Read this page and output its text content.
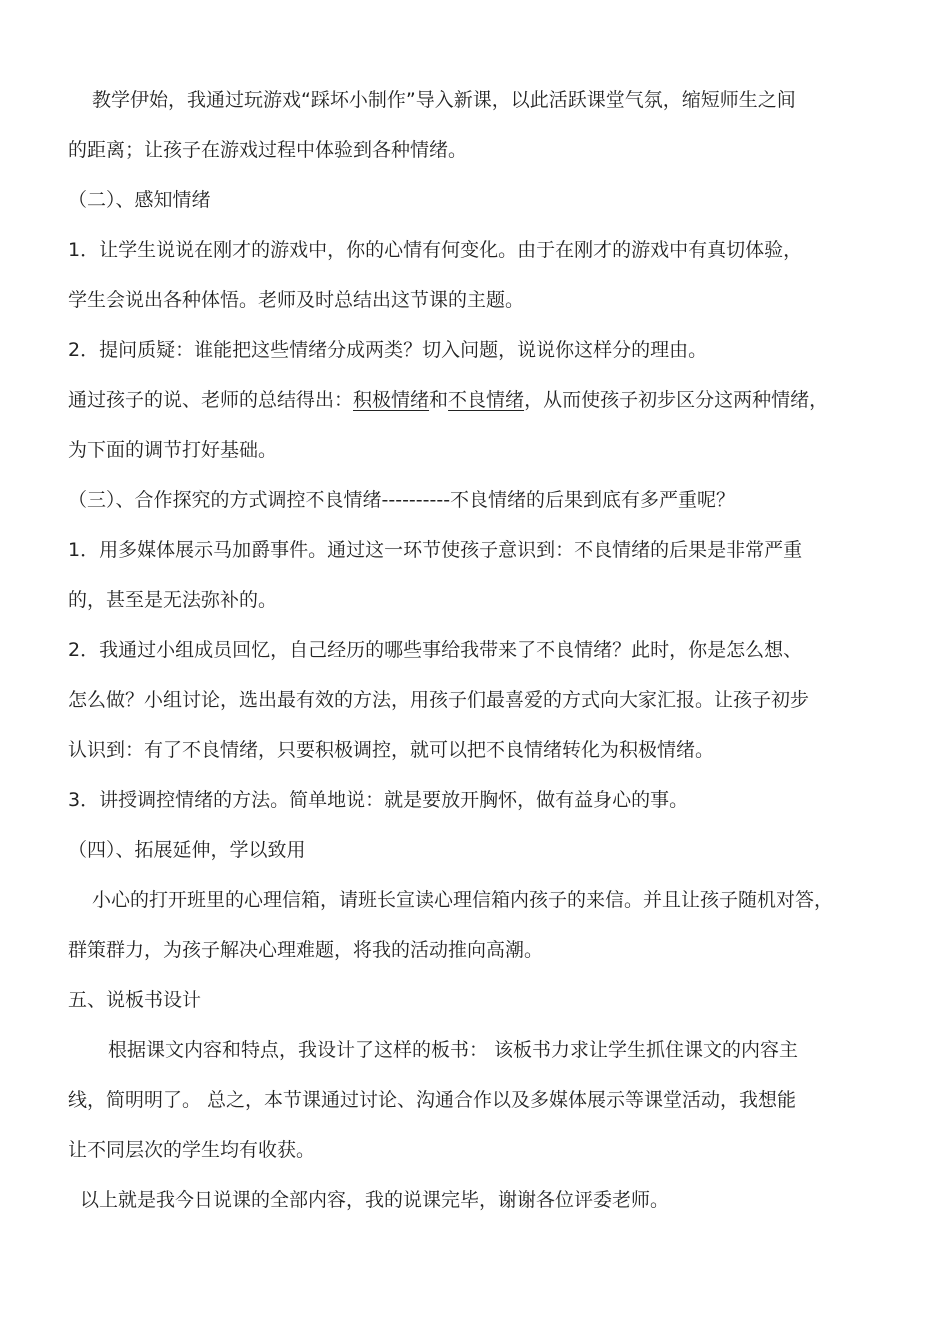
教学伊始，我通过玩游戏“踩坏小制作”导入新课，以此活跃课堂气氛，缩短师生之间
的距离；让孩子在游戏过程中体验到各种情绪。
（二）、感知情绪
1．让学生说说在刚才的游戏中，你的心情有何变化。由于在刚才的游戏中有真切体验，
学生会说出各种体悟。老师及时总结出这节课的主题。
2．提问质疑：谁能把这些情绪分成两类？切入问题，说说你这样分的理由。
通过孩子的说、老师的总结得出：积极情绪和不良情绪，从而使孩子初步区分这两种情绪，
为下面的调节打好基础。
（三）、合作探究的方式调控不良情绪----------不良情绪的后果到底有多严重呢？
1．用多媒体展示马加爵事件。通过这一环节使孩子意识到：不良情绪的后果是非常严重
的，甚至是无法弥补的。
2．我通过小组成员回忆，自己经历的哪些事给我带来了不良情绪？此时，你是怎么想、
怎么做？小组讨论，选出最有效的方法，用孩子们最喜爱的方式向大家汇报。让孩子初步
认识到：有了不良情绪，只要积极调控，就可以把不良情绪转化为积极情绪。
3．讲授调控情绪的方法。简单地说：就是要放开胸怀，做有益身心的事。
（四）、拓展延伸，学以致用
小心的打开班里的心理信箱，请班长宣读心理信箱内孩子的来信。并且让孩子随机对答，
群策群力，为孩子解决心理难题，将我的活动推向高潮。
五、说板书设计
根据课文内容和特点，我设计了这样的板书： 该板书力求让学生抓住课文的内容主
线，简明明了。 总之，本节课通过讨论、沟通合作以及多媒体展示等课堂活动，我想能
让不同层次的学生均有收获。
以上就是我今日说课的全部内容，我的说课完毕，谢谢各位评委老师。
